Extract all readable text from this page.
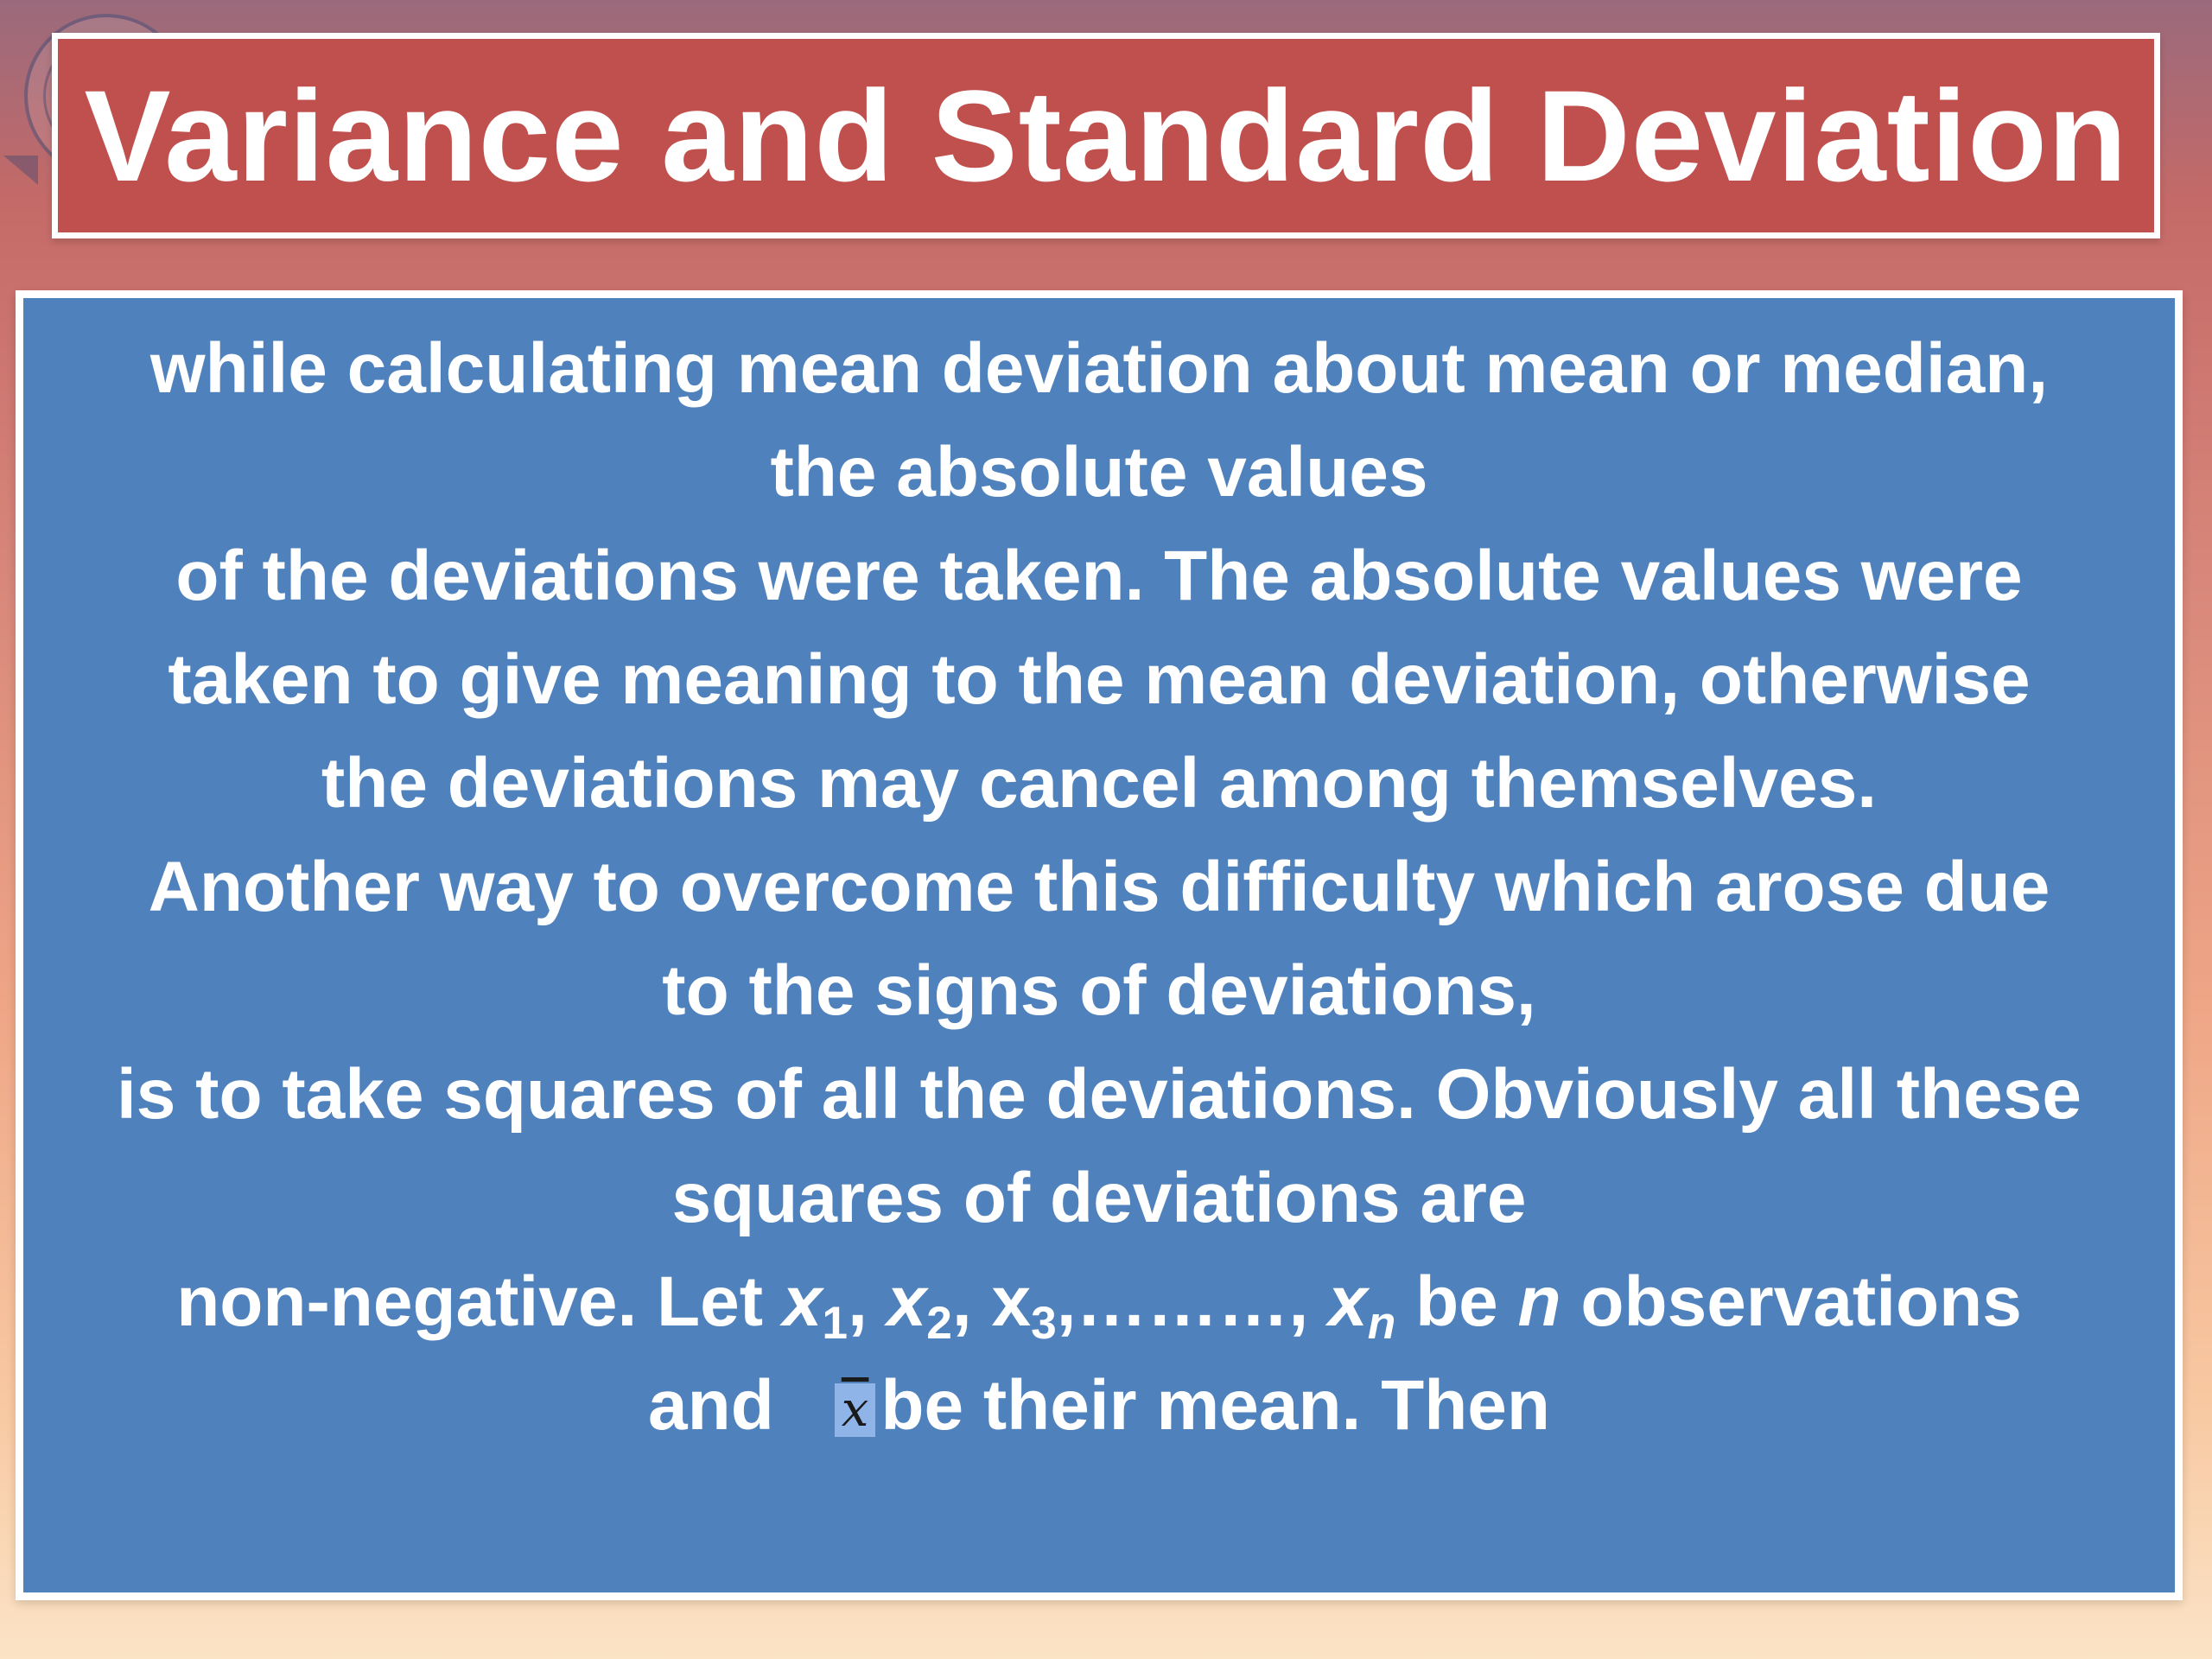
Variance and Standard Deviation
while calculating mean deviation about mean or median,
the absolute values
of the deviations were taken. The absolute values were
taken to give meaning to the mean deviation, otherwise
the deviations may cancel among themselves.
Another way to overcome this difficulty which arose due
to the signs of deviations,
is to take squares of all the deviations. Obviously all these
squares of deviations are
non-negative. Let $x_1$, $x_2$, $x_3,\dots\dots\dots$, $x_n$ be n observations
and $\overline{x}$ be their mean. Then
